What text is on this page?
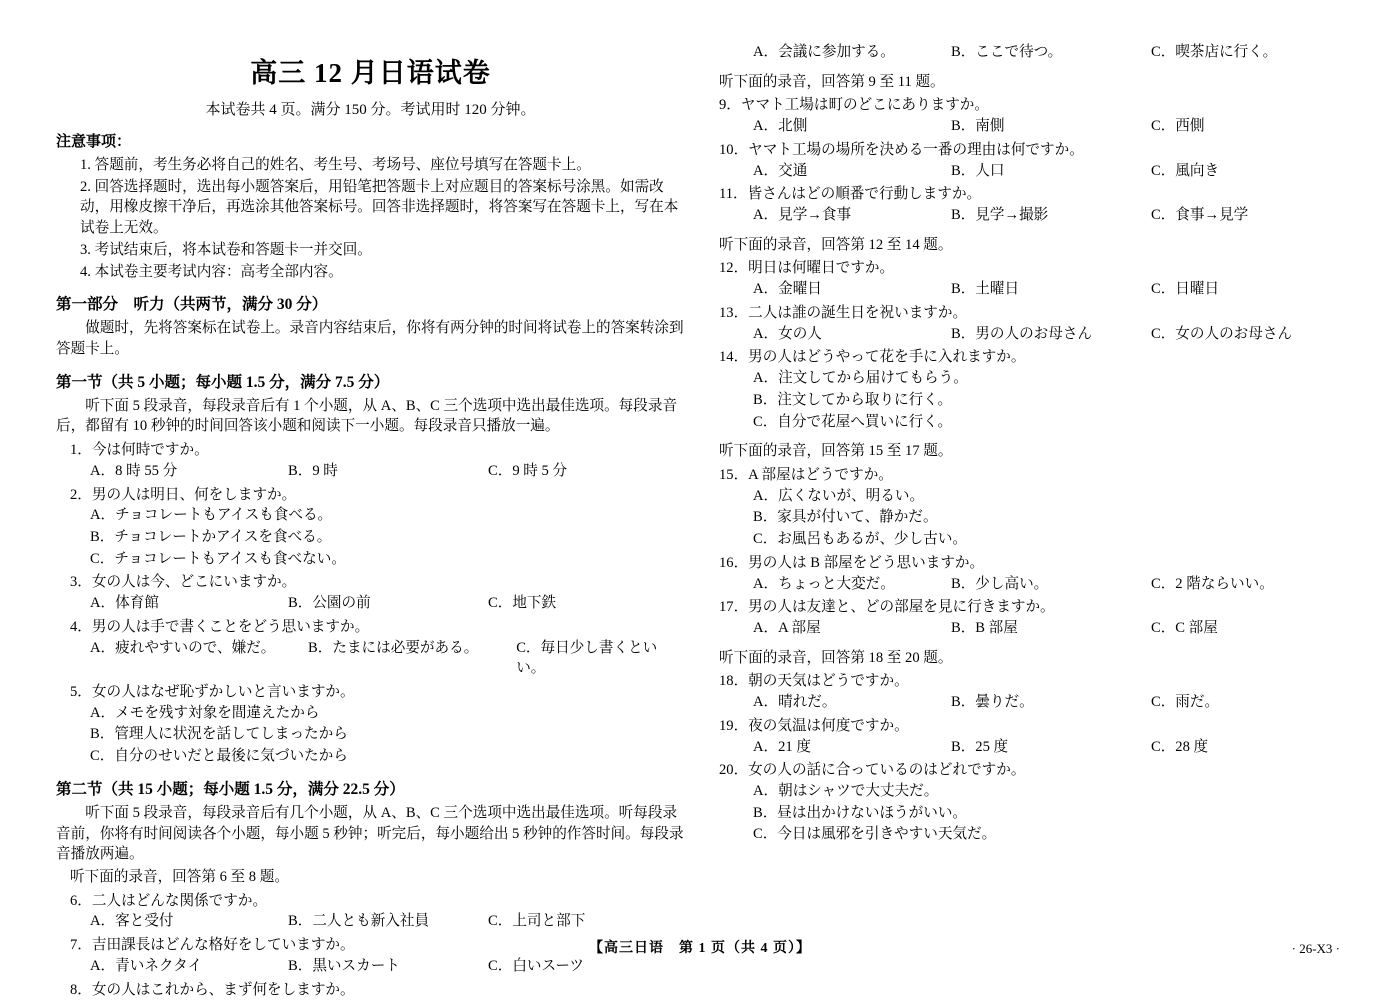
高三 12 月日语试卷
本试卷共 4 页。满分 150 分。考试用时 120 分钟。
注意事项：
1. 答题前，考生务必将自己的姓名、考生号、考场号、座位号填写在答题卡上。
2. 回答选择题时，选出每小题答案后，用铅笔把答题卡上对应题目的答案标号涂黑。如需改动，用橡皮擦干净后，再选涂其他答案标号。回答非选择题时，将答案写在答题卡上，写在本试卷上无效。
3. 考试结束后，将本试卷和答题卡一并交回。
4. 本试卷主要考试内容：高考全部内容。
第一部分　听力（共两节，满分 30 分）
做题时，先将答案标在试卷上。录音内容结束后，你将有两分钟的时间将试卷上的答案转涂到答题卡上。
第一节（共 5 小题；每小题 1.5 分，满分 7.5 分）
听下面 5 段录音，每段录音后有 1 个小题，从 A、B、C 三个选项中选出最佳选项。每段录音后，都留有 10 秒钟的时间回答该小题和阅读下一小题。每段录音只播放一遍。
1．今は何時ですか。
A．8 時 55 分	B．9 時	C．9 時 5 分
2．男の人は明日、何をしますか。
A．チョコレートもアイスも食べる。
B．チョコレートかアイスを食べる。
C．チョコレートもアイスも食べない。
3．女の人は今、どこにいますか。
A．体育館	B．公園の前	C．地下鉄
4．男の人は手で書くことをどう思いますか。
A．疲れやすいので、嫌だ。	B．たまには必要がある。	C．毎日少し書くといい。
5．女の人はなぜ恥ずかしいと言いますか。
A．メモを残す対象を間違えたから
B．管理人に状況を話してしまったから
C．自分のせいだと最後に気づいたから
第二节（共 15 小题；每小题 1.5 分，满分 22.5 分）
听下面 5 段录音，每段录音后有几个小题，从 A、B、C 三个选项中选出最佳选项。听每段录音前，你将有时间阅读各个小题，每小题 5 秒钟；听完后，每小题给出 5 秒钟的作答时间。每段录音播放两遍。
听下面的录音，回答第 6 至 8 题。
6．二人はどんな関係ですか。
A．客と受付	B．二人とも新入社員	C．上司と部下
7．吉田課長はどんな格好をしていますか。
A．青いネクタイ	B．黒いスカート	C．白いスーツ
8．女の人はこれから、まず何をしますか。
A．会議に参加する。	B．ここで待つ。	C．喫茶店に行く。
听下面的录音，回答第 9 至 11 题。
9．ヤマト工場は町のどこにありますか。
A．北側	B．南側	C．西側
10．ヤマト工場の場所を決める一番の理由は何ですか。
A．交通	B．人口	C．風向き
11．皆さんはどの順番で行動しますか。
A．見学→食事	B．見学→撮影	C．食事→見学
听下面的录音，回答第 12 至 14 题。
12．明日は何曜日ですか。
A．金曜日	B．土曜日	C．日曜日
13．二人は誰の誕生日を祝いますか。
A．女の人	B．男の人のお母さん	C．女の人のお母さん
14．男の人はどうやって花を手に入れますか。
A．注文してから届けてもらう。
B．注文してから取りに行く。
C．自分で花屋へ買いに行く。
听下面的录音，回答第 15 至 17 题。
15．A 部屋はどうですか。
A．広くないが、明るい。
B．家具が付いて、静かだ。
C．お風呂もあるが、少し古い。
16．男の人は B 部屋をどう思いますか。
A．ちょっと大変だ。	B．少し高い。	C．2 階ならいい。
17．男の人は友達と、どの部屋を見に行きますか。
A．A 部屋	B．B 部屋	C．C 部屋
听下面的录音，回答第 18 至 20 题。
18．朝の天気はどうですか。
A．晴れだ。	B．曇りだ。	C．雨だ。
19．夜の気温は何度ですか。
A．21 度	B．25 度	C．28 度
20．女の人の話に合っているのはどれですか。
A．朝はシャツで大丈夫だ。
B．昼は出かけないほうがいい。
C．今日は風邪を引きやすい天気だ。
【高三日语　第 1 页（共 4 页）】	· 26-X3 ·
